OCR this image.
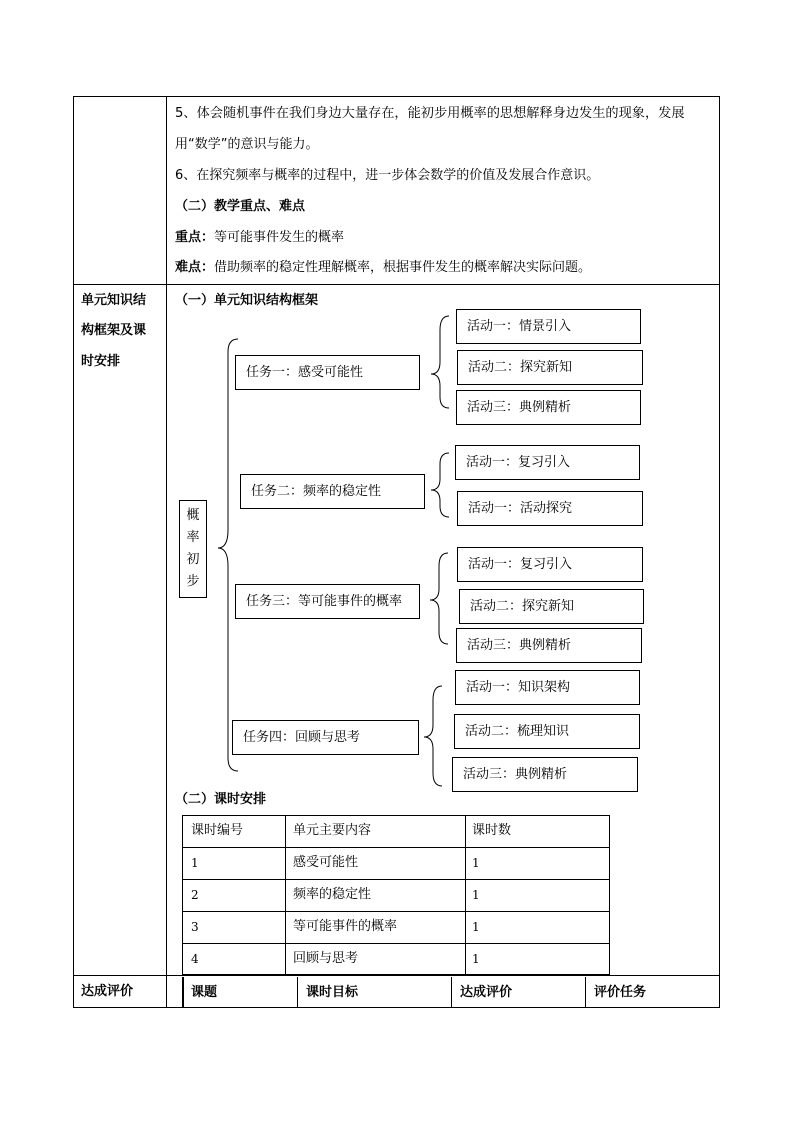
5、体会随机事件在我们身边大量存在，能初步用概率的思想解释身边发生的现象，发展
用“数学”的意识与能力。
6、在探究频率与概率的过程中，进一步体会数学的价值及发展合作意识。
（二）教学重点、难点
重点：等可能事件发生的概率
难点：借助频率的稳定性理解概率，根据事件发生的概率解决实际问题。
单元知识结
构框架及课
时安排
（一）单元知识结构框架
概
率
初
步
任务一：感受可能性
任务二：频率的稳定性
任务三：等可能事件的概率
任务四：回顾与思考
活动一：情景引入
活动二：探究新知
活动三：典例精析
活动一：复习引入
活动一：活动探究
活动一：复习引入
活动二：探究新知
活动三：典例精析
活动一：知识架构
活动二：梳理知识
活动三：典例精析
（二）课时安排
课时编号	单元主要内容	课时数
1	感受可能性	1
2	频率的稳定性	1
3	等可能事件的概率	1
4	回顾与思考	1
达成评价	课题	课时目标	达成评价	评价任务
